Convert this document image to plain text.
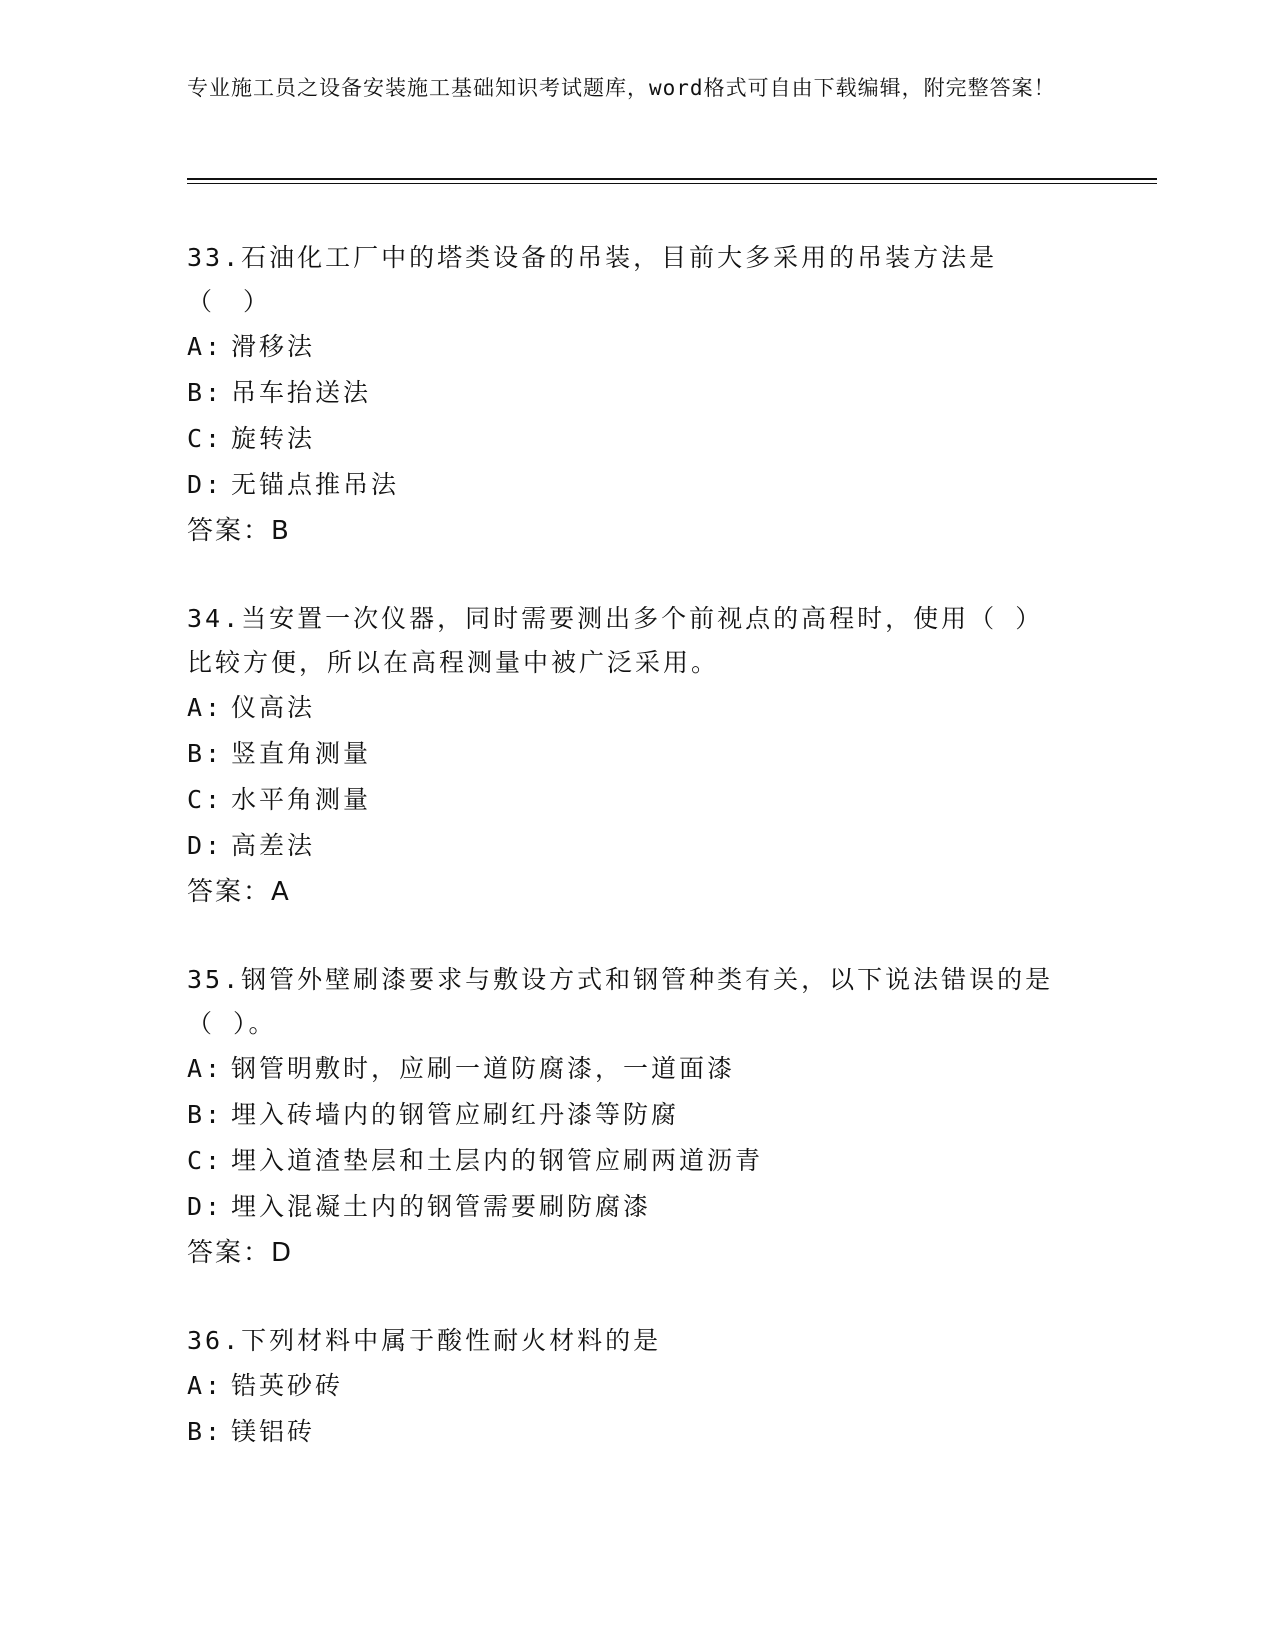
专业施工员之设备安装施工基础知识考试题库，word格式可自由下载编辑，附完整答案！

33.石油化工厂中的塔类设备的吊装，目前大多采用的吊装方法是（　）

A: 滑移法

B: 吊车抬送法

C: 旋转法

D: 无锚点推吊法

答案：B

34.当安置一次仪器，同时需要测出多个前视点的高程时，使用（ ）比较方便，所以在高程测量中被广泛采用。

A: 仪高法

B: 竖直角测量

C: 水平角测量

D: 高差法

答案：A

35.钢管外壁刷漆要求与敷设方式和钢管种类有关，以下说法错误的是（ ）。

A: 钢管明敷时，应刷一道防腐漆，一道面漆

B: 埋入砖墙内的钢管应刷红丹漆等防腐

C: 埋入道渣垫层和土层内的钢管应刷两道沥青

D: 埋入混凝土内的钢管需要刷防腐漆

答案：D

36.下列材料中属于酸性耐火材料的是

A: 锆英砂砖

B: 镁铝砖
